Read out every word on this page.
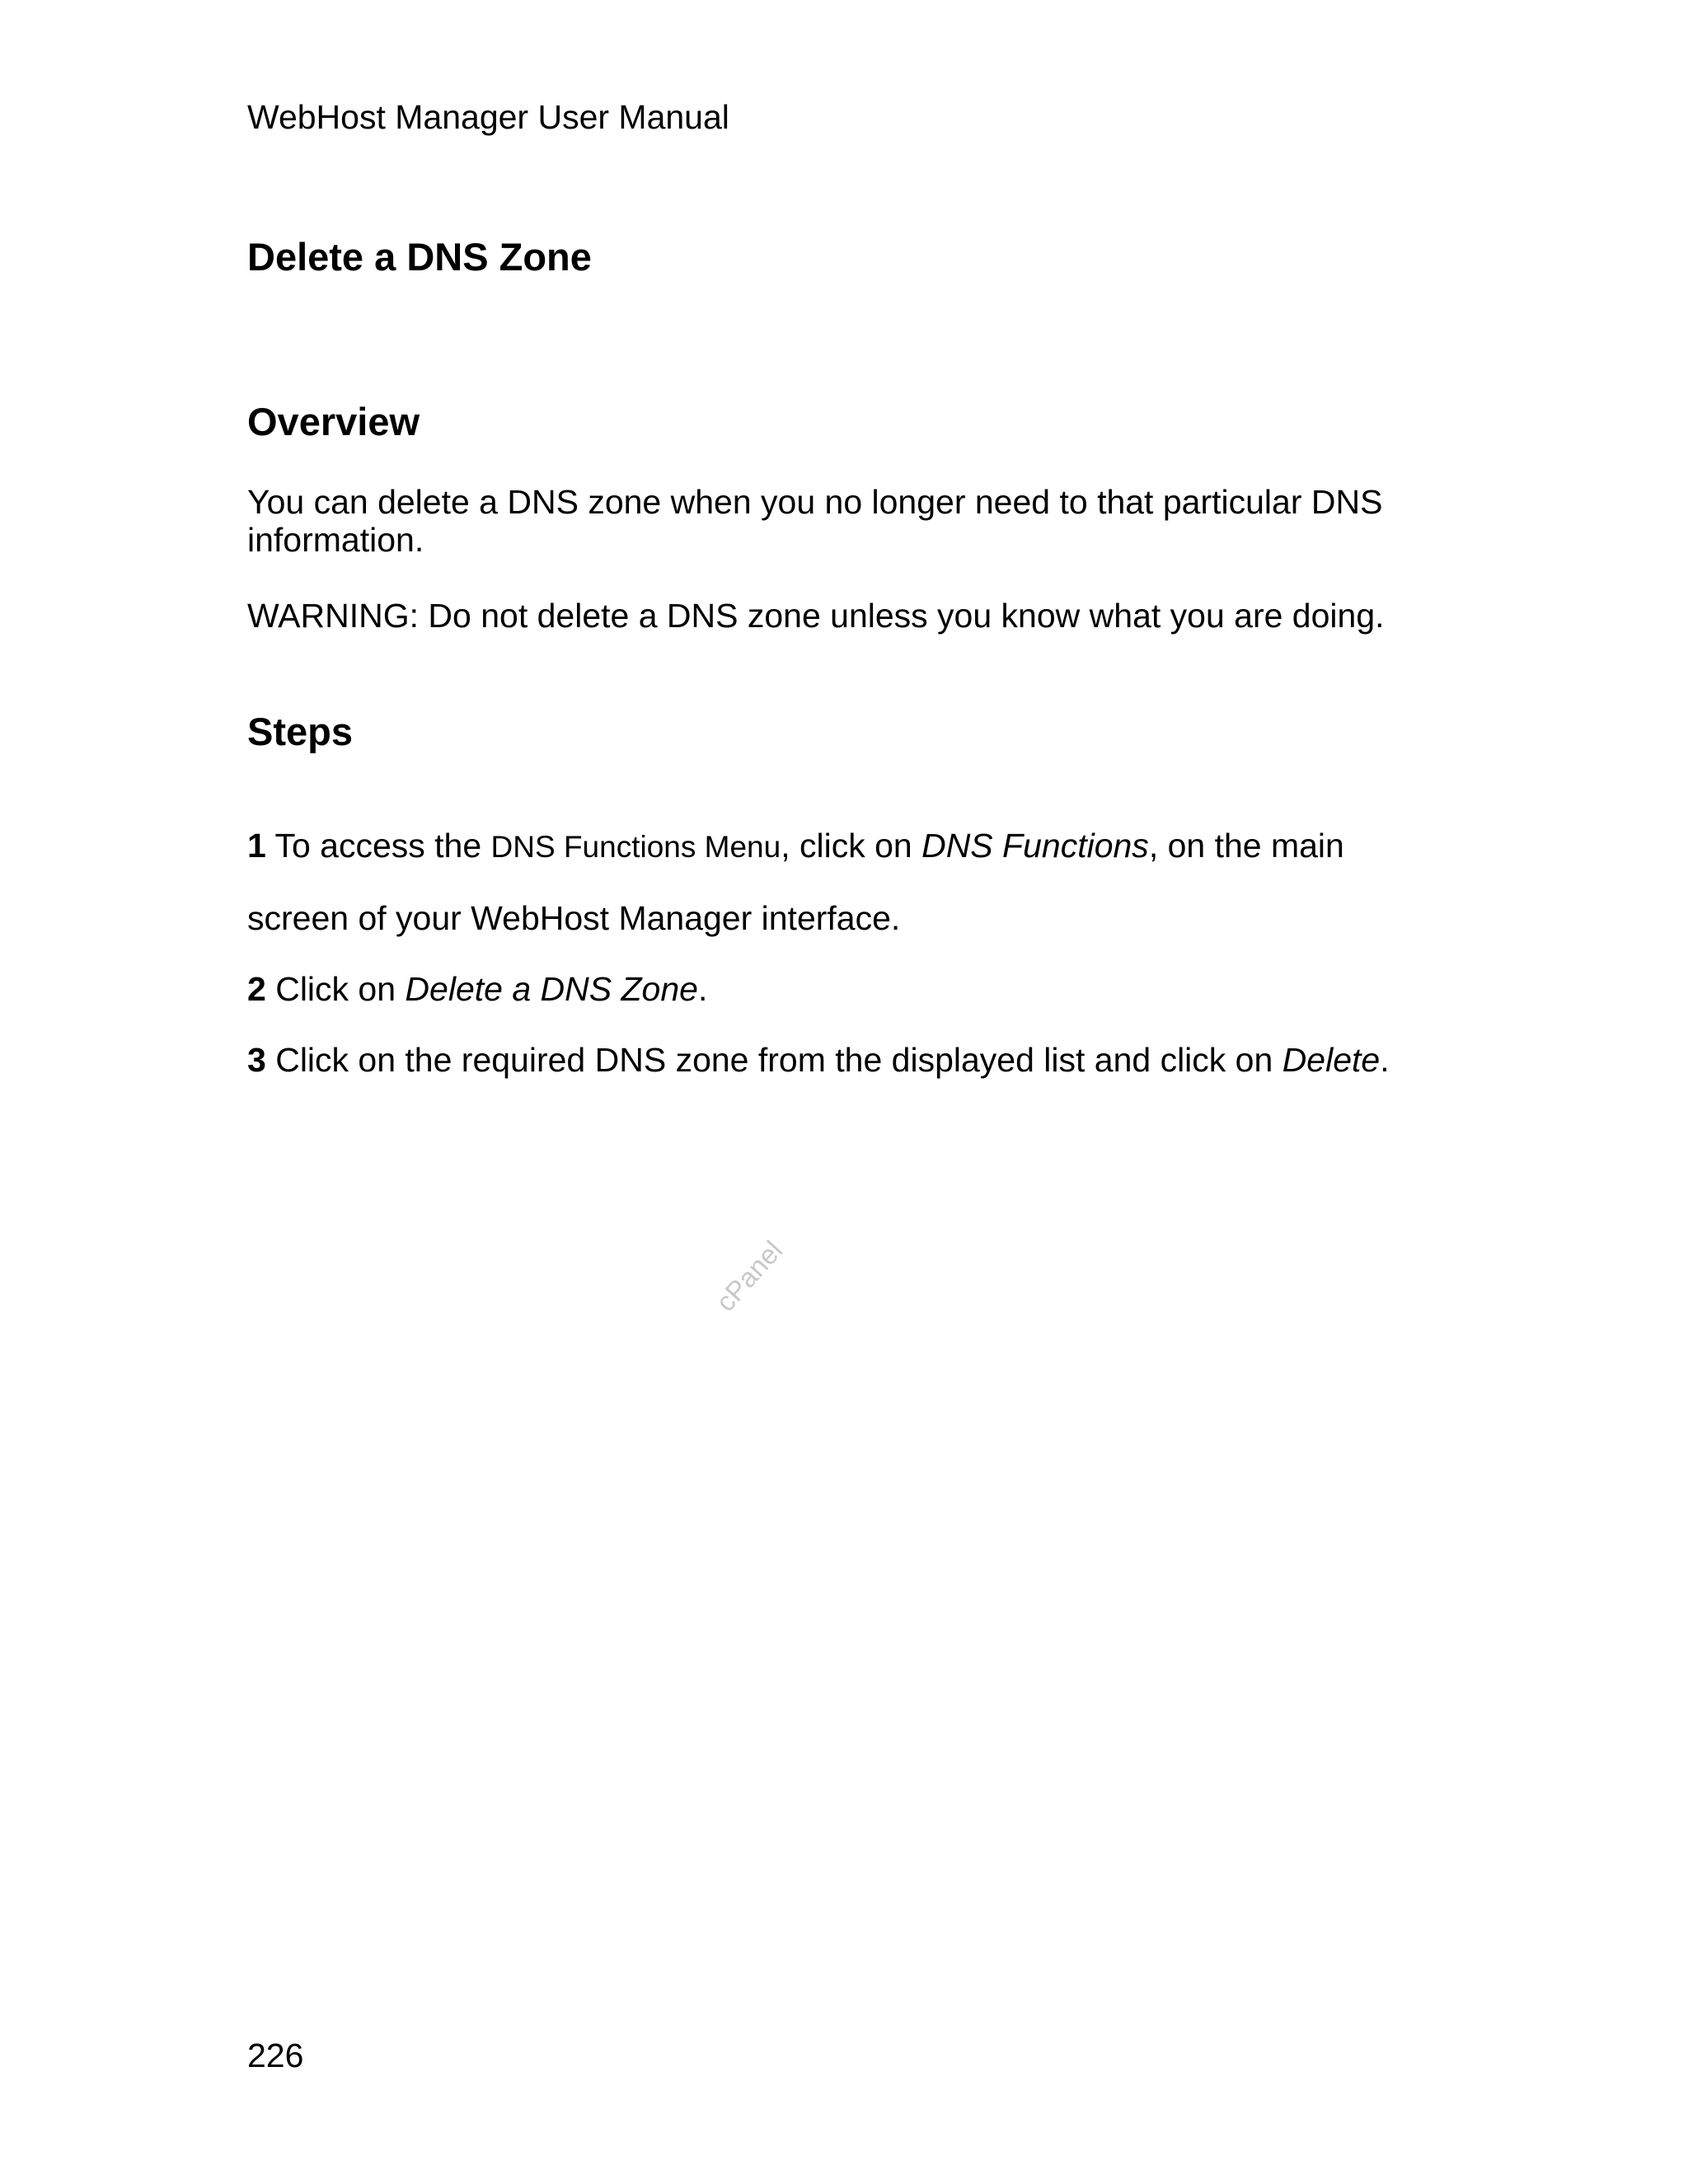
WebHost Manager User Manual
Delete a DNS Zone
Overview

You can delete a DNS zone when you no longer need to that particular DNS information.

WARNING: Do not delete a DNS zone unless you know what you are doing.

Steps

1 To access the DNS Functions Menu, click on DNS Functions, on the main

screen of your WebHost Manager interface.

2 Click on Delete a DNS Zone.

3 Click on the required DNS zone from the displayed list and click on Delete.

cPanel
226
